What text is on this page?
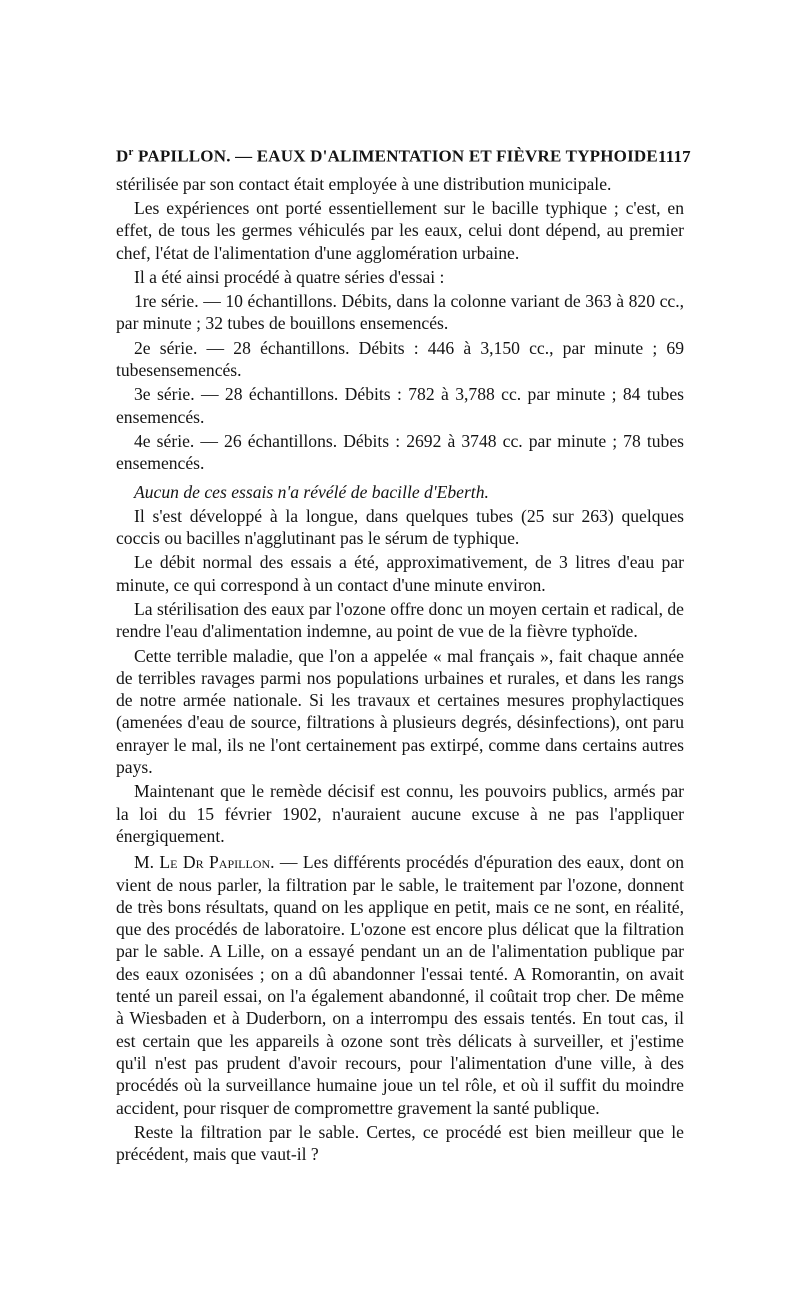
$D^r$ PAPILLON. — EAUX D'ALIMENTATION ET FIÈVRE TYPHOIDE 1117

stérilisée par son contact était employée à une distribution municipale.

Les expériences ont porté essentiellement sur le bacille typhique ; c'est, en effet, de tous les germes véhiculés par les eaux, celui dont dépend, au premier chef, l'état de l'alimentation d'une agglomération urbaine.

Il a été ainsi procédé à quatre séries d'essai :

1re série. — 10 échantillons. Débits, dans la colonne variant de 363 à 820 cc., par minute ; 32 tubes de bouillons ensemencés.

2e série. — 28 échantillons. Débits : 446 à 3,150 cc., par minute ; 69 tubesensemencés.

3e série. — 28 échantillons. Débits : 782 à 3,788 cc. par minute ; 84 tubes ensemencés.

4e série. — 26 échantillons. Débits : 2692 à 3748 cc. par minute ; 78 tubes ensemencés.

Aucun de ces essais n'a révélé de bacille d'Eberth.

Il s'est développé à la longue, dans quelques tubes (25 sur 263) quelques coccis ou bacilles n'agglutinant pas le sérum de typhique.

Le débit normal des essais a été, approximativement, de 3 litres d'eau par minute, ce qui correspond à un contact d'une minute environ.

La stérilisation des eaux par l'ozone offre donc un moyen certain et radical, de rendre l'eau d'alimentation indemne, au point de vue de la fièvre typhoïde.

Cette terrible maladie, que l'on a appelée « mal français », fait chaque année de terribles ravages parmi nos populations urbaines et rurales, et dans les rangs de notre armée nationale. Si les travaux et certaines mesures prophylactiques (amenées d'eau de source, filtrations à plusieurs degrés, désinfections), ont paru enrayer le mal, ils ne l'ont certainement pas extirpé, comme dans certains autres pays.

Maintenant que le remède décisif est connu, les pouvoirs publics, armés par la loi du 15 février 1902, n'auraient aucune excuse à ne pas l'appliquer énergiquement.

M. Le Dr Papillon. — Les différents procédés d'épuration des eaux, dont on vient de nous parler, la filtration par le sable, le traitement par l'ozone, donnent de très bons résultats, quand on les applique en petit, mais ce ne sont, en réalité, que des procédés de laboratoire. L'ozone est encore plus délicat que la filtration par le sable. A Lille, on a essayé pendant un an de l'alimentation publique par des eaux ozonisées ; on a dû abandonner l'essai tenté. A Romorantin, on avait tenté un pareil essai, on l'a également abandonné, il coûtait trop cher. De même à Wiesbaden et à Duderborn, on a interrompu des essais tentés. En tout cas, il est certain que les appareils à ozone sont très délicats à surveiller, et j'estime qu'il n'est pas prudent d'avoir recours, pour l'alimentation d'une ville, à des procédés où la surveillance humaine joue un tel rôle, et où il suffit du moindre accident, pour risquer de compromettre gravement la santé publique.

Reste la filtration par le sable. Certes, ce procédé est bien meilleur que le précédent, mais que vaut-il ?
